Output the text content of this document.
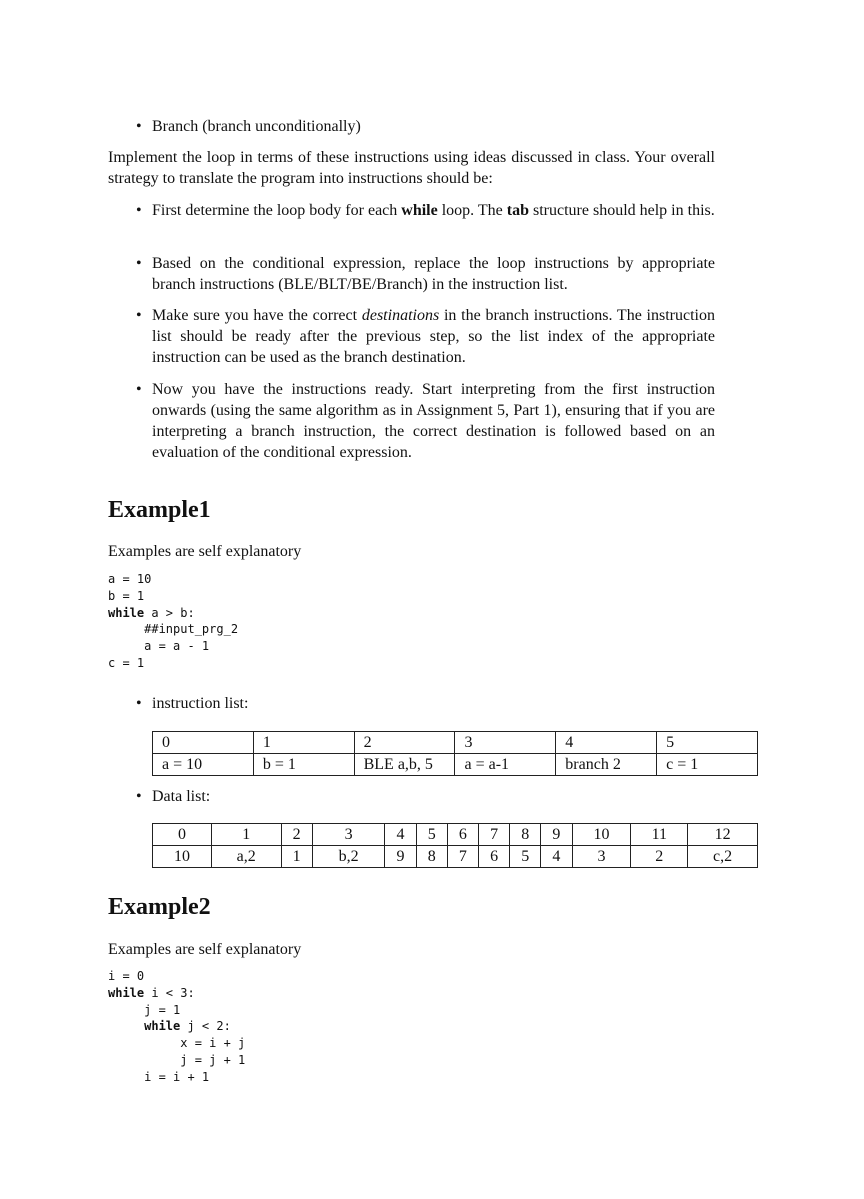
• Branch (branch unconditionally)
Implement the loop in terms of these instructions using ideas discussed in class. Your overall strategy to translate the program into instructions should be:
• First determine the loop body for each while loop. The tab structure should help in this.
• Based on the conditional expression, replace the loop instructions by appropriate branch instructions (BLE/BLT/BE/Branch) in the instruction list.
• Make sure you have the correct destinations in the branch instructions. The instruction list should be ready after the previous step, so the list index of the appropriate instruction can be used as the branch destination.
• Now you have the instructions ready. Start interpreting from the first instruction onwards (using the same algorithm as in Assignment 5, Part 1), ensuring that if you are interpreting a branch instruction, the correct destination is followed based on an evaluation of the conditional expression.
Example1
Examples are self explanatory
a = 10
b = 1
while a > b:
##input_prg_2
a = a - 1
c = 1
• instruction list:
0	1	2	3	4	5
a = 10	b = 1	BLE a,b, 5	a = a-1	branch 2	c = 1
• Data list:
0	1	2	3	4	5	6	7	8	9	10	11	12
10	a,2	1	b,2	9	8	7	6	5	4	3	2	c,2
Example2
Examples are self explanatory
i = 0
while i < 3:
j = 1
while j < 2:
x = i + j
j = j + 1
i = i + 1
